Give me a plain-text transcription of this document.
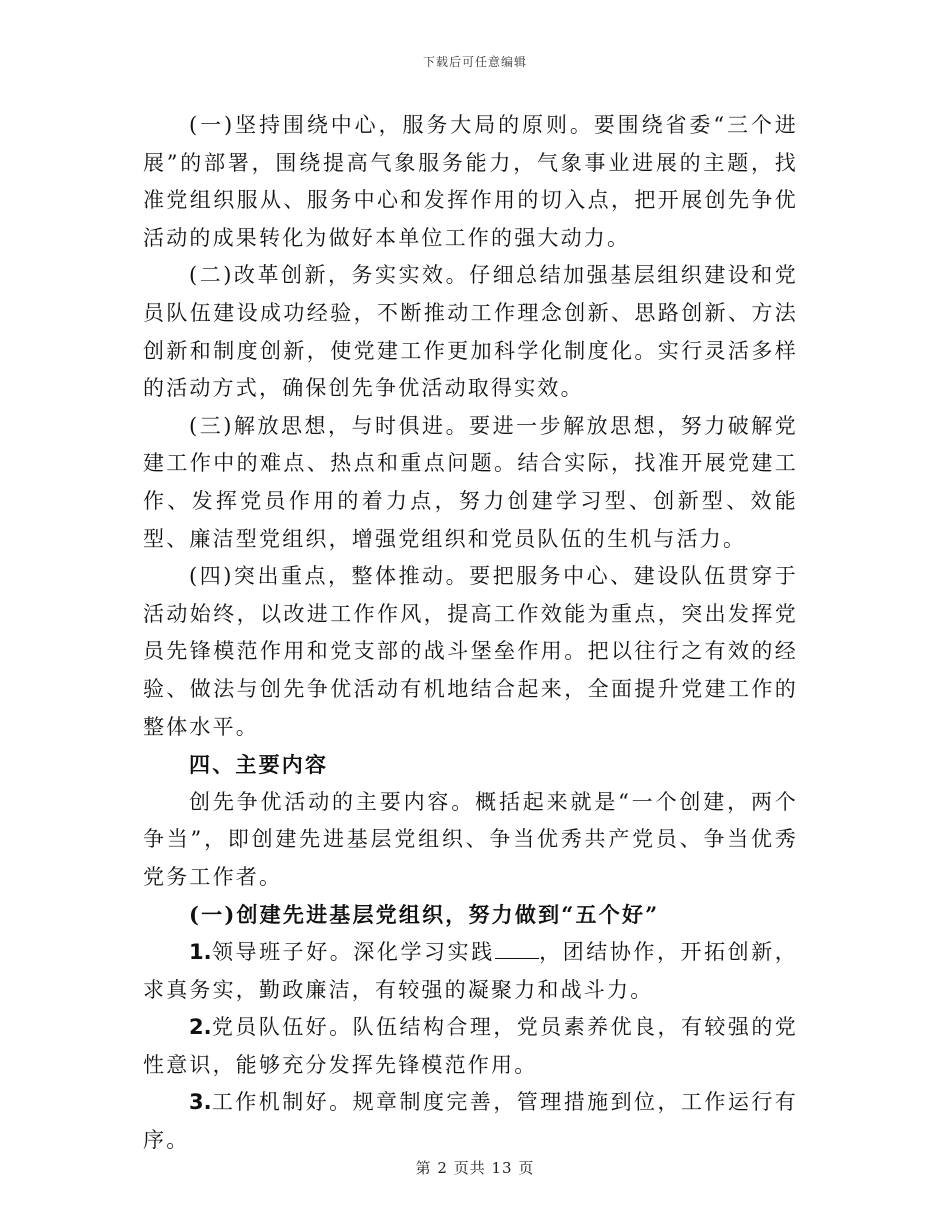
下载后可任意编辑

(一)坚持围绕中心，服务大局的原则。要围绕省委“三个进展”的部署，围绕提高气象服务能力，气象事业进展的主题，找准党组织服从、服务中心和发挥作用的切入点，把开展创先争优活动的成果转化为做好本单位工作的强大动力。

(二)改革创新，务实实效。仔细总结加强基层组织建设和党员队伍建设成功经验，不断推动工作理念创新、思路创新、方法创新和制度创新，使党建工作更加科学化制度化。实行灵活多样的活动方式，确保创先争优活动取得实效。

(三)解放思想，与时俱进。要进一步解放思想，努力破解党建工作中的难点、热点和重点问题。结合实际，找准开展党建工作、发挥党员作用的着力点，努力创建学习型、创新型、效能型、廉洁型党组织，增强党组织和党员队伍的生机与活力。

(四)突出重点，整体推动。要把服务中心、建设队伍贯穿于活动始终，以改进工作作风，提高工作效能为重点，突出发挥党员先锋模范作用和党支部的战斗堡垒作用。把以往行之有效的经验、做法与创先争优活动有机地结合起来，全面提升党建工作的整体水平。

四、主要内容

创先争优活动的主要内容。概括起来就是“一个创建，两个争当”，即创建先进基层党组织、争当优秀共产党员、争当优秀党务工作者。

(一)创建先进基层党组织，努力做到“五个好”

1.领导班子好。深化学习实践 ，团结协作，开拓创新，求真务实，勤政廉洁，有较强的凝聚力和战斗力。

2.党员队伍好。队伍结构合理，党员素养优良，有较强的党性意识，能够充分发挥先锋模范作用。

3.工作机制好。规章制度完善，管理措施到位，工作运行有序。

第 2 页共 13 页
